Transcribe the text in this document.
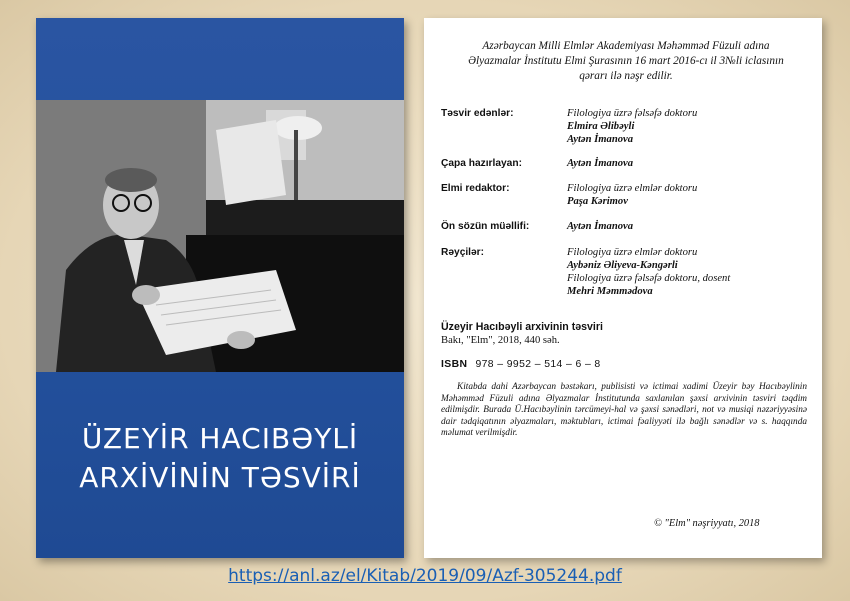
ÜZEYİR HACIBƏYLİ
ARXİVİNİN TƏSVİRİ
Azərbaycan Milli Elmlər Akademiyası Məhəmməd Füzuli adına
Əlyazmalar İnstitutu Elmi Şurasının 16 mart 2016-cı il 3№li iclasının
qərarı ilə nəşr edilir.
Təsvir edənlər:	Filologiya üzrə fəlsəfə doktoru
Elmira Əlibəyli
Aytən İmanova
Çapa hazırlayan:	Aytən İmanova
Elmi redaktor:	Filologiya üzrə elmlər doktoru
Paşa Kərimov
Ön sözün müəllifi:	Aytən İmanova
Rəyçilər:	Filologiya üzrə elmlər doktoru
Aybəniz Əliyeva-Kəngərli
Filologiya üzrə fəlsəfə doktoru, dosent
Mehri Məmmədova
Üzeyir Hacıbəyli arxivinin təsviri
Bakı, "Elm", 2018, 440 səh.
ISBN 978 – 9952 – 514 – 6 – 8
Kitabda dahi Azərbaycan bəstəkarı, publisisti və ictimai xadimi Üzeyir bəy Hacıbəylinin Məhəmməd Füzuli adına Əlyazmalar İnstitutunda saxlanılan şəxsi arxivinin təsviri təqdim edilmişdir. Burada Ü.Hacıbəylinin tərcümeyi-hal və şəxsi sənədləri, not və musiqi nəzəriyyəsinə dair tədqiqatının əlyazmaları, məktubları, ictimai fəaliyyəti ilə bağlı sənədlər və s. haqqında məlumat verilmişdir.
© "Elm" nəşriyyatı, 2018
https://anl.az/el/Kitab/2019/09/Azf-305244.pdf
